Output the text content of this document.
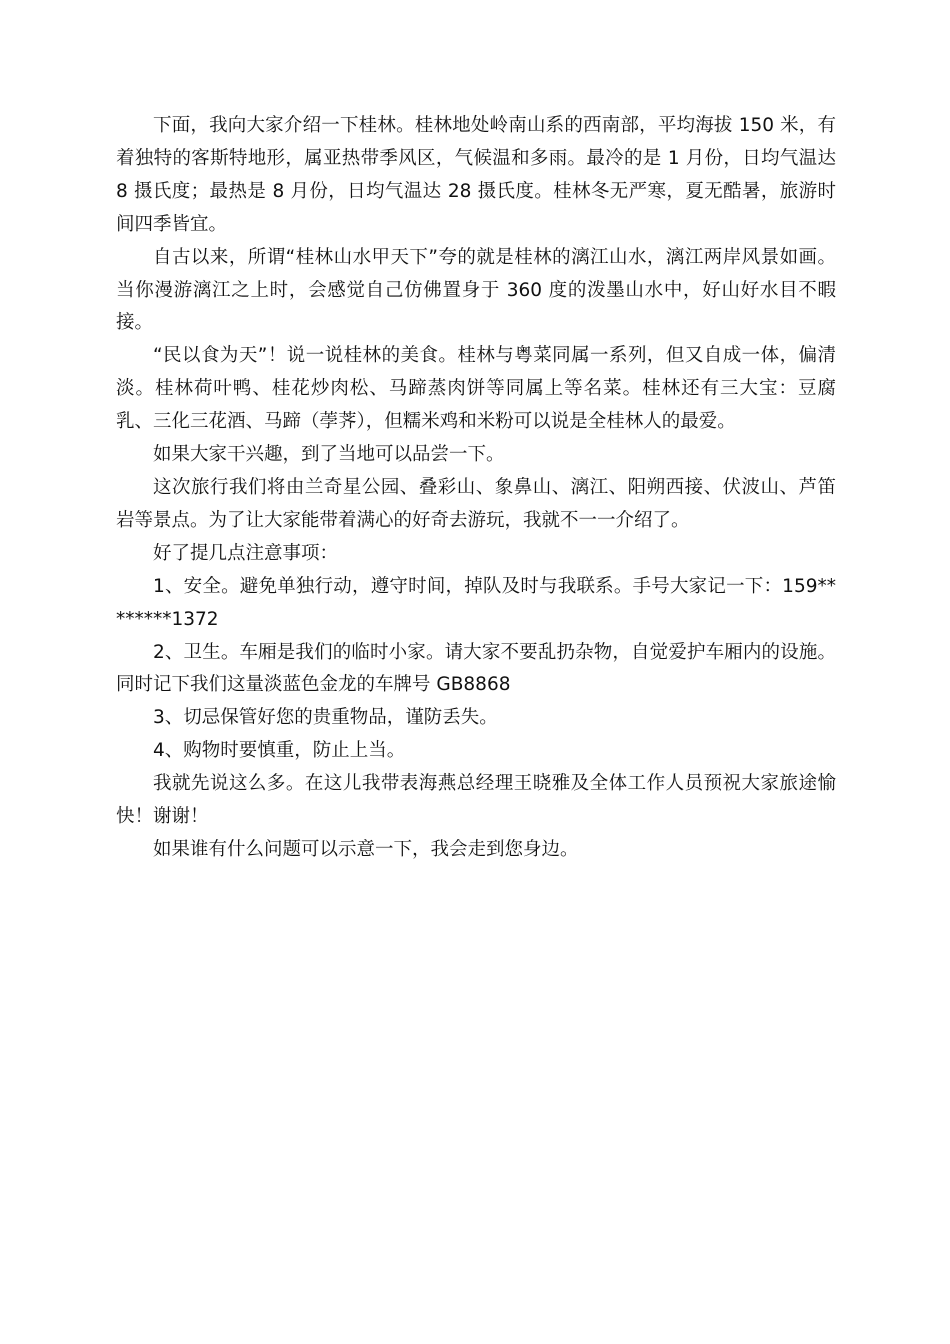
下面，我向大家介绍一下桂林。桂林地处岭南山系的西南部，平均海拔 150 米，有着独特的客斯特地形，属亚热带季风区，气候温和多雨。最冷的是 1 月份，日均气温达 8 摄氏度；最热是 8 月份，日均气温达 28 摄氏度。桂林冬无严寒，夏无酷暑，旅游时间四季皆宜。

自古以来，所谓“桂林山水甲天下”夸的就是桂林的漓江山水，漓江两岸风景如画。当你漫游漓江之上时，会感觉自己仿佛置身于 360 度的泼墨山水中，好山好水目不暇接。

“民以食为天”！说一说桂林的美食。桂林与粤菜同属一系列，但又自成一体，偏清淡。桂林荷叶鸭、桂花炒肉松、马蹄蒸肉饼等同属上等名菜。桂林还有三大宝：豆腐乳、三化三花酒、马蹄（荸荠），但糯米鸡和米粉可以说是全桂林人的最爱。

如果大家干兴趣，到了当地可以品尝一下。

这次旅行我们将由兰奇星公园、叠彩山、象鼻山、漓江、阳朔西接、伏波山、芦笛岩等景点。为了让大家能带着满心的好奇去游玩，我就不一一介绍了。

好了提几点注意事项：

1、安全。避免单独行动，遵守时间，掉队及时与我联系。手号大家记一下：159********1372

2、卫生。车厢是我们的临时小家。请大家不要乱扔杂物，自觉爱护车厢内的设施。同时记下我们这量淡蓝色金龙的车牌号 GB8868

3、切忌保管好您的贵重物品，谨防丢失。

4、购物时要慎重，防止上当。

我就先说这么多。在这儿我带表海燕总经理王晓雅及全体工作人员预祝大家旅途愉快！谢谢！

如果谁有什么问题可以示意一下，我会走到您身边。
